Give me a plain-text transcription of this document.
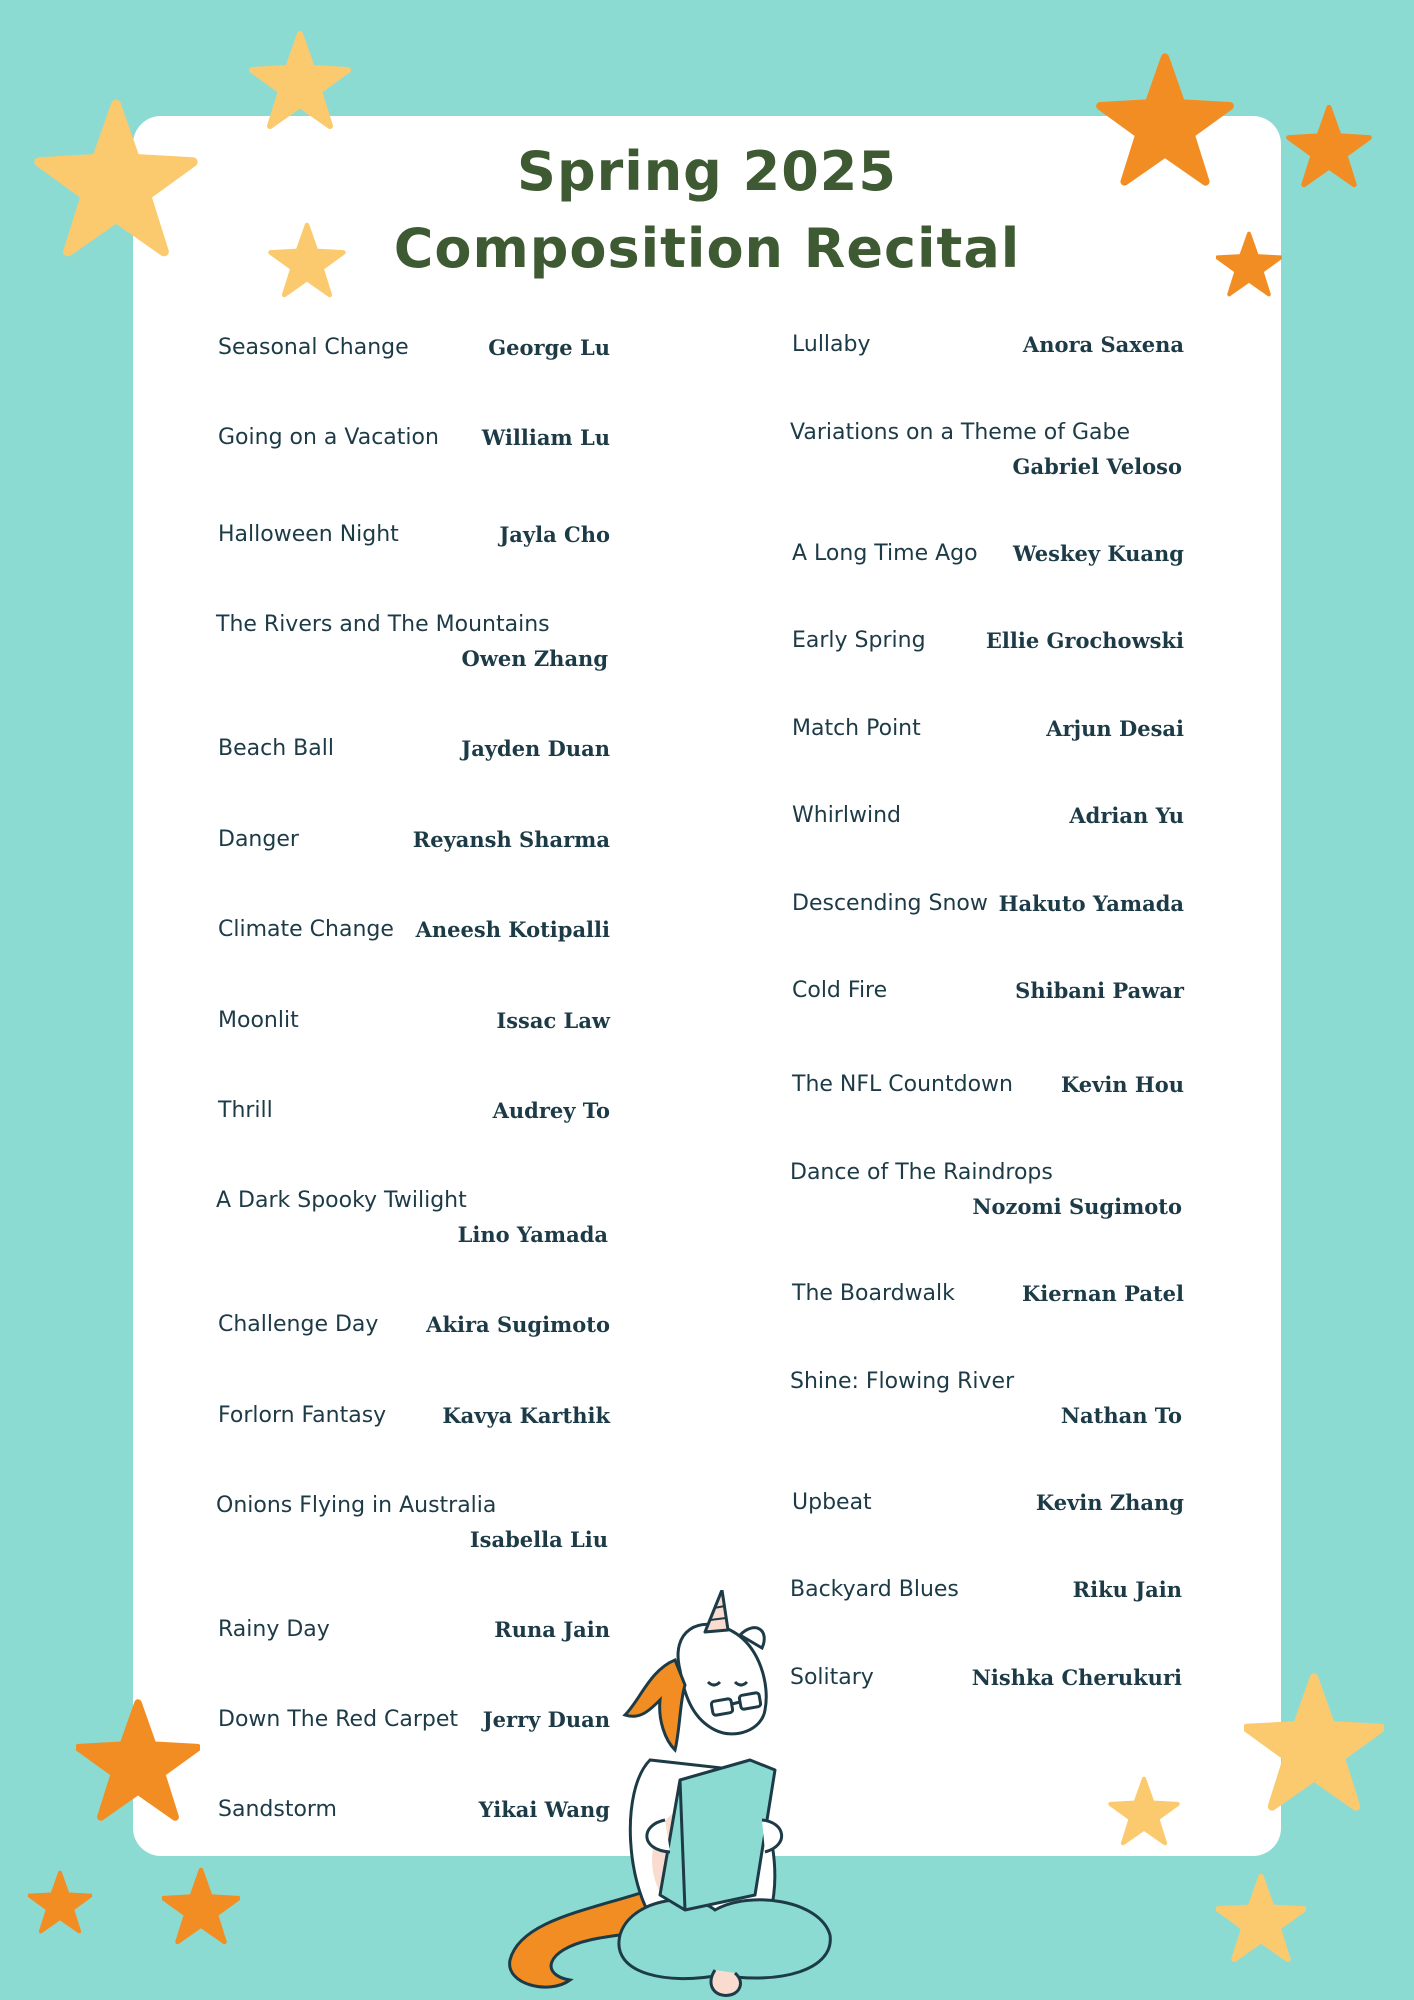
Spring 2025
Composition Recital
Seasonal Change	George Lu
Going on a Vacation William Lu
Halloween Night	Jayla Cho
The Rivers and The Mountains
Owen Zhang
Beach Ball	Jayden Duan
Danger	Reyansh Sharma
Climate Change Aneesh Kotipalli
Moonlit	Issac Law
Thrill	Audrey To
A Dark Spooky Twilight
Lino Yamada
Challenge Day Akira Sugimoto
Forlorn Fantasy	Kavya Karthik
Onions Flying in Australia
Isabella Liu
Rainy Day	Runa Jain
Down The Red Carpet Jerry Duan
Sandstorm	Yikai Wang
Lullaby	Anora Saxena
Variations on a Theme of Gabe
Gabriel Veloso
A Long Time Ago Weskey Kuang
Early Spring	Ellie Grochowski
Match Point	Arjun Desai
Whirlwind	Adrian Yu
Descending Snow Hakuto Yamada
Cold Fire	Shibani Pawar
The NFL Countdown Kevin Hou
Dance of The Raindrops
Nozomi Sugimoto
The Boardwalk	Kiernan Patel
Shine: Flowing River
Nathan To
Upbeat	Kevin Zhang
Backyard Blues	Riku Jain
Solitary	Nishka Cherukuri
